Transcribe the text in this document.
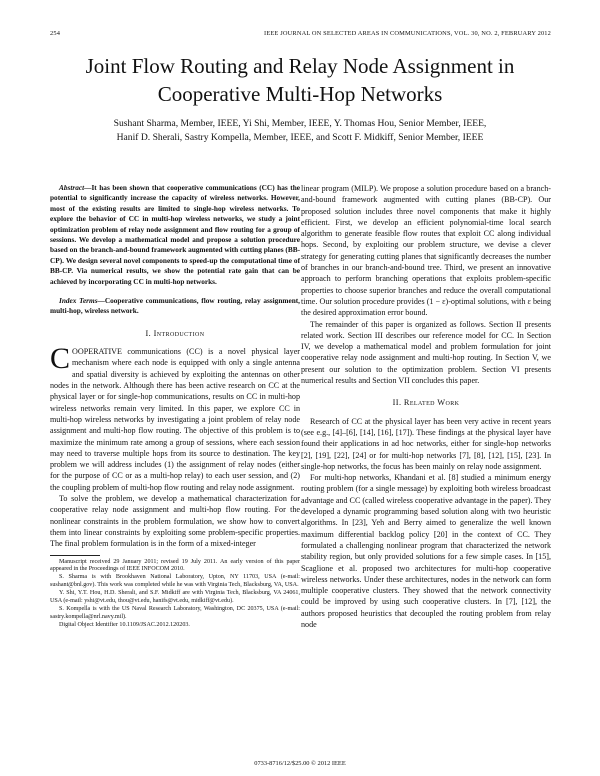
254	IEEE JOURNAL ON SELECTED AREAS IN COMMUNICATIONS, VOL. 30, NO. 2, FEBRUARY 2012
Joint Flow Routing and Relay Node Assignment in
Cooperative Multi-Hop Networks
Sushant Sharma, Member, IEEE, Yi Shi, Member, IEEE, Y. Thomas Hou, Senior Member, IEEE,
Hanif D. Sherali, Sastry Kompella, Member, IEEE, and Scott F. Midkiff, Senior Member, IEEE

Abstract—It has been shown that cooperative communications (CC) has the potential to significantly increase the capacity of wireless networks. However, most of the existing results are limited to single-hop wireless networks. To explore the behavior of CC in multi-hop wireless networks, we study a joint optimization problem of relay node assignment and flow routing for a group of sessions. We develop a mathematical model and propose a solution procedure based on the branch-and-bound framework augmented with cutting planes (BB-CP). We design several novel components to speed-up the computational time of BB-CP. Via numerical results, we show the potential rate gain that can be achieved by incorporating CC in multi-hop networks.

Index Terms—Cooperative communications, flow routing, relay assignment, multi-hop, wireless network.

I. Introduction

COOPERATIVE communications (CC) is a novel physical layer mechanism where each node is equipped with only a single antenna and spatial diversity is achieved by exploiting the antennas on other nodes in the network. Although there has been active research on CC at the physical layer or for single-hop communications, results on CC in multi-hop wireless networks remain very limited. In this paper, we explore CC in multi-hop wireless networks by investigating a joint problem of relay node assignment and multi-hop flow routing. The objective of this problem is to maximize the minimum rate among a group of sessions, where each session may need to traverse multiple hops from its source to destination. The key problem we will address includes (1) the assignment of relay nodes (either for the purpose of CC or as a multi-hop relay) to each user session, and (2) the coupling problem of multi-hop flow routing and relay node assignment.

To solve the problem, we develop a mathematical characterization for cooperative relay node assignment and multi-hop flow routing. For the nonlinear constraints in the problem formulation, we show how to convert them into linear constraints by exploiting some problem-specific properties. The final problem formulation is in the form of a mixed-integer

Manuscript received 29 January 2011; revised 19 July 2011. An early version of this paper appeared in the Proceedings of IEEE INFOCOM 2010.

S. Sharma is with Brookhaven National Laboratory, Upton, NY 11703, USA (e-mail: sushant@bnl.gov). This work was completed while he was with Virginia Tech, Blacksburg, VA, USA.

Y. Shi, Y.T. Hou, H.D. Sherali, and S.F. Midkiff are with Virginia Tech, Blacksburg, VA 24061, USA (e-mail: yshi@vt.edu, thou@vt.edu, hanifs@vt.edu, midkiff@vt.edu).

S. Kompella is with the US Naval Research Laboratory, Washington, DC 20375, USA (e-mail: sastry.kompella@nrl.navy.mil).

Digital Object Identifier 10.1109/JSAC.2012.120203.

linear program (MILP). We propose a solution procedure based on a branch-and-bound framework augmented with cutting planes (BB-CP). Our proposed solution includes three novel components that make it highly efficient. First, we develop an efficient polynomial-time local search algorithm to generate feasible flow routes that exploit CC along individual hops. Second, by exploiting our problem structure, we devise a clever strategy for generating cutting planes that significantly decreases the number of branches in our branch-and-bound tree. Third, we present an innovative approach to perform branching operations that exploits problem-specific properties to choose superior branches and reduce the overall computational time. Our solution procedure provides (1 − ε)-optimal solutions, with ε being the desired approximation error bound.

The remainder of this paper is organized as follows. Section II presents related work. Section III describes our reference model for CC. In Section IV, we develop a mathematical model and problem formulation for joint cooperative relay node assignment and multi-hop routing. In Section V, we present our solution to the optimization problem. Section VI presents numerical results and Section VII concludes this paper.

II. Related Work

Research of CC at the physical layer has been very active in recent years (see e.g., [4]–[6], [14], [16], [17]). These findings at the physical layer have found their applications in ad hoc networks, either for single-hop networks [2], [19], [22], [24] or for multi-hop networks [7], [8], [12], [15], [23]. In single-hop networks, the focus has been mainly on relay node assignment.

For multi-hop networks, Khandani et al. [8] studied a minimum energy routing problem (for a single message) by exploiting both wireless broadcast advantage and CC (called wireless cooperative advantage in the paper). They developed a dynamic programming based solution along with two heuristic algorithms. In [23], Yeh and Berry aimed to generalize the well known maximum differential backlog policy [20] in the context of CC. They formulated a challenging nonlinear program that characterized the network stability region, but only provided solutions for a few simple cases. In [15], Scaglione et al. proposed two architectures for multi-hop cooperative wireless networks. Under these architectures, nodes in the network can form multiple cooperative clusters. They showed that the network connectivity could be improved by using such cooperative clusters. In [7], [12], the authors proposed heuristics that decoupled the routing problem from relay node

0733-8716/12/$25.00 © 2012 IEEE
